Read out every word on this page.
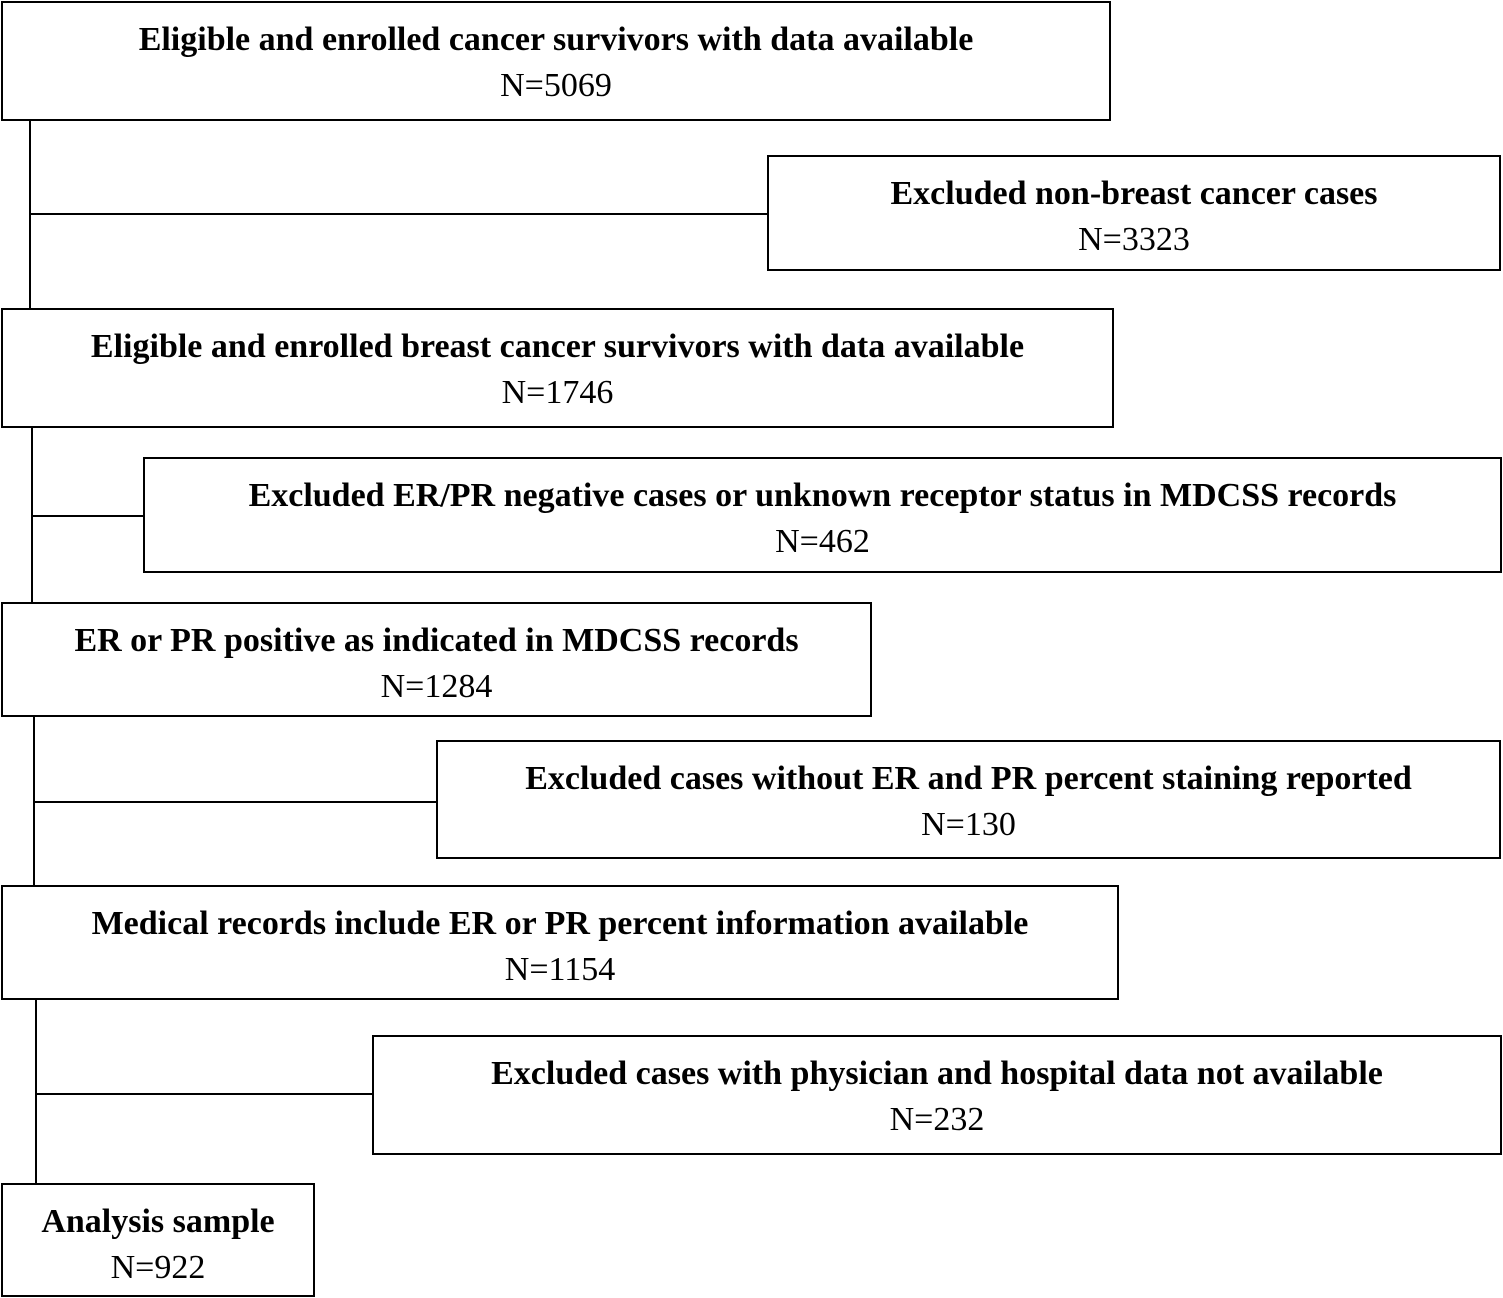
Eligible and enrolled cancer survivors with data available
N=5069
Excluded non-breast cancer cases
N=3323
Eligible and enrolled breast cancer survivors with data available
N=1746
Excluded ER/PR negative cases or unknown receptor status in MDCSS records
N=462
ER or PR positive as indicated in MDCSS records
N=1284
Excluded cases without ER and PR percent staining reported
N=130
Medical records include ER or PR percent information available
N=1154
Excluded cases with physician and hospital data not available
N=232
Analysis sample
N=922
